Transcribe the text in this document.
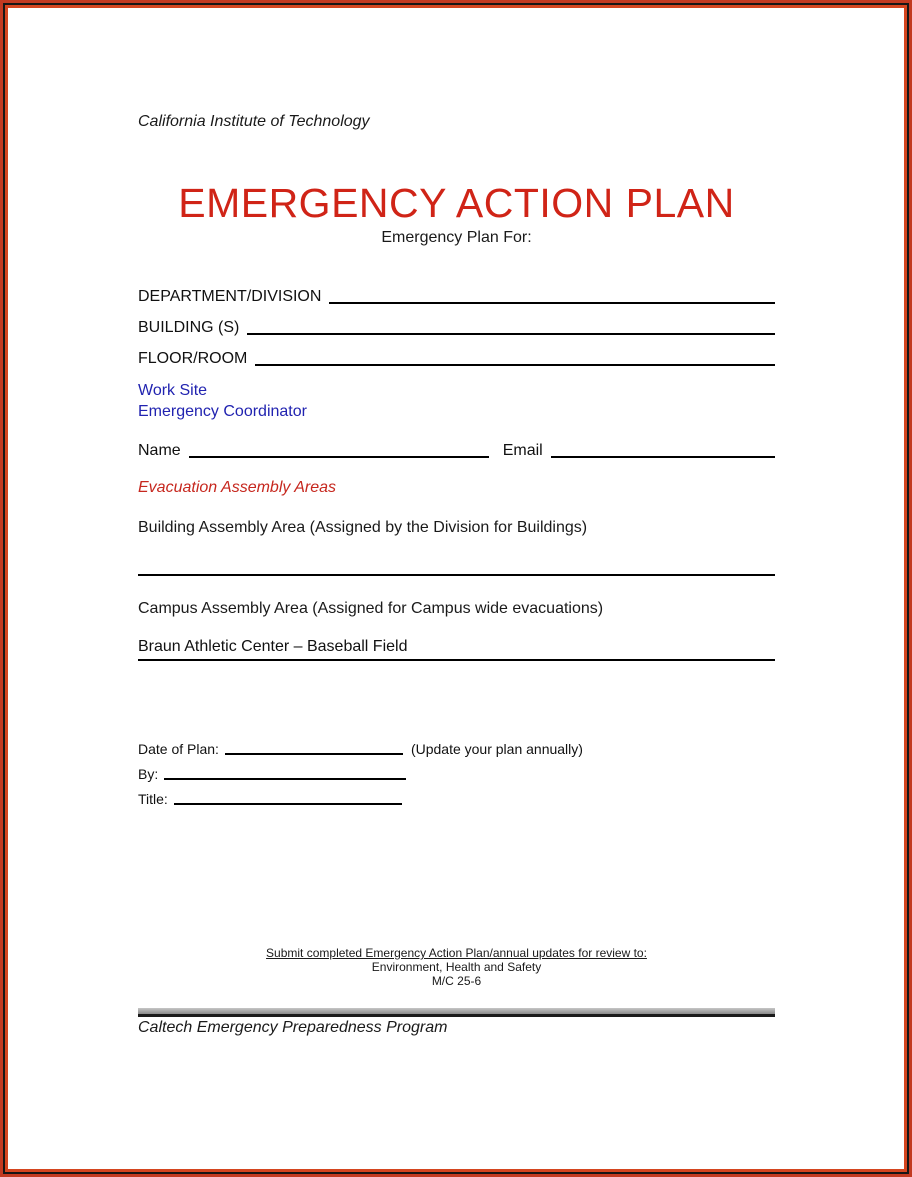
California Institute of Technology
EMERGENCY ACTION PLAN
Emergency Plan For:
DEPARTMENT/DIVISION
BUILDING (S)
FLOOR/ROOM
Work Site
Emergency Coordinator
Name	Email
Evacuation Assembly Areas
Building Assembly Area (Assigned by the Division for Buildings)
Campus Assembly Area (Assigned for Campus wide evacuations)
Braun Athletic Center – Baseball Field
Date of Plan:	(Update your plan annually)
By:
Title:
Submit completed Emergency Action Plan/annual updates for review to:
Environment, Health and Safety
M/C 25-6
Caltech Emergency Preparedness Program
